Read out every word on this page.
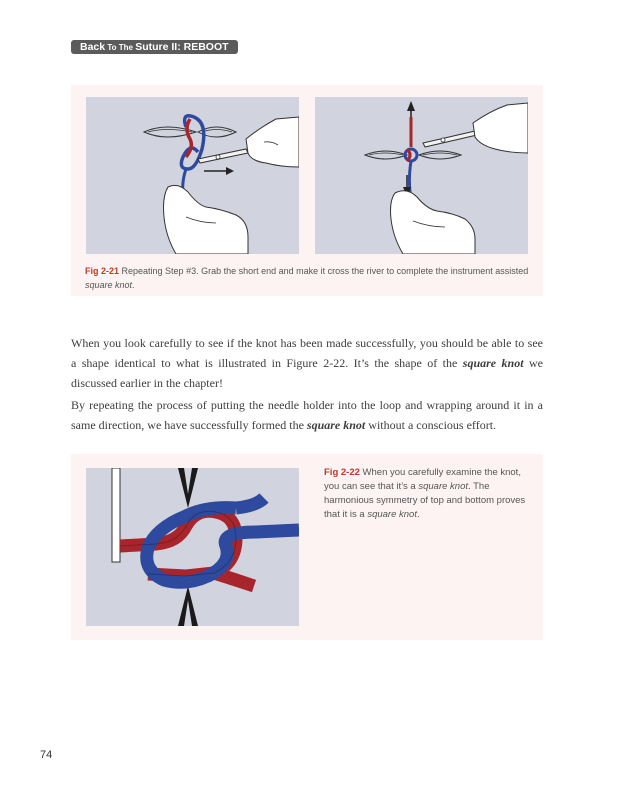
Back To The Suture II: REBOOT
Fig 2-21 Repeating Step #3. Grab the short end and make it cross the river to complete the instrument assisted square knot.
When you look carefully to see if the knot has been made successfully, you should be able to see a shape identical to what is illustrated in Figure 2-22. It’s the shape of the square knot we discussed earlier in the chapter!
By repeating the process of putting the needle holder into the loop and wrapping around it in a same direction, we have successfully formed the square knot without a conscious effort.
Fig 2-22 When you carefully examine the knot, you can see that it’s a square knot. The harmonious symmetry of top and bottom proves that it is a square knot.
74
